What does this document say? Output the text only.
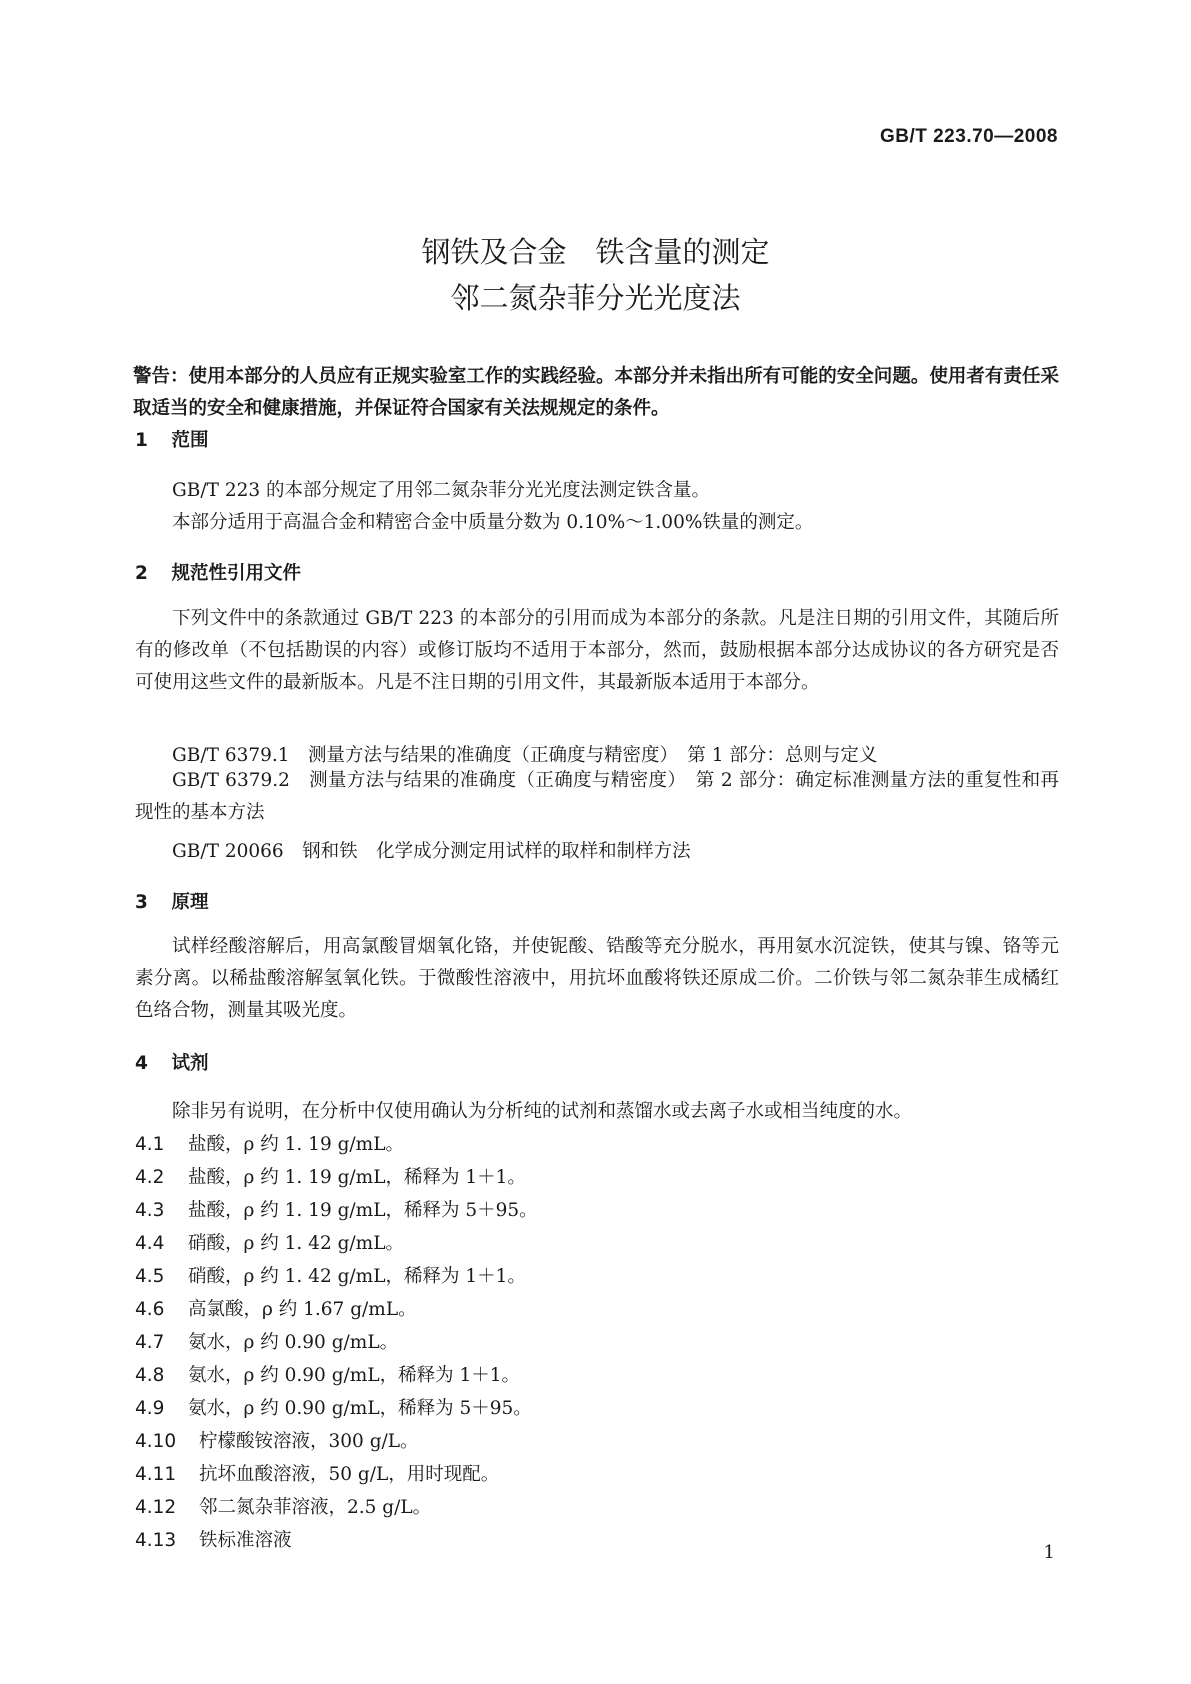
GB/T 223.70—2008
钢铁及合金　铁含量的测定
邻二氮杂菲分光光度法
警告：使用本部分的人员应有正规实验室工作的实践经验。本部分并未指出所有可能的安全问题。使用者有责任采取适当的安全和健康措施，并保证符合国家有关法规规定的条件。
1 范围
GB/T 223 的本部分规定了用邻二氮杂菲分光光度法测定铁含量。
本部分适用于高温合金和精密合金中质量分数为 0.10%～1.00%铁量的测定。
2 规范性引用文件
下列文件中的条款通过 GB/T 223 的本部分的引用而成为本部分的条款。凡是注日期的引用文件，其随后所有的修改单（不包括勘误的内容）或修订版均不适用于本部分，然而，鼓励根据本部分达成协议的各方研究是否可使用这些文件的最新版本。凡是不注日期的引用文件，其最新版本适用于本部分。
GB/T 6379.1　测量方法与结果的准确度（正确度与精密度）　第 1 部分：总则与定义
GB/T 6379.2　测量方法与结果的准确度（正确度与精密度）　第 2 部分：确定标准测量方法的重复性和再现性的基本方法
GB/T 20066　钢和铁　化学成分测定用试样的取样和制样方法
3 原理
试样经酸溶解后，用高氯酸冒烟氧化铬，并使铌酸、锆酸等充分脱水，再用氨水沉淀铁，使其与镍、铬等元素分离。以稀盐酸溶解氢氧化铁。于微酸性溶液中，用抗坏血酸将铁还原成二价。二价铁与邻二氮杂菲生成橘红色络合物，测量其吸光度。
4 试剂
除非另有说明，在分析中仅使用确认为分析纯的试剂和蒸馏水或去离子水或相当纯度的水。
4.1 盐酸，ρ 约 1. 19 g/mL。
4.2 盐酸，ρ 约 1. 19 g/mL，稀释为 1＋1。
4.3 盐酸，ρ 约 1. 19 g/mL，稀释为 5＋95。
4.4 硝酸，ρ 约 1. 42 g/mL。
4.5 硝酸，ρ 约 1. 42 g/mL，稀释为 1＋1。
4.6 高氯酸，ρ 约 1.67 g/mL。
4.7 氨水，ρ 约 0.90 g/mL。
4.8 氨水，ρ 约 0.90 g/mL，稀释为 1＋1。
4.9 氨水，ρ 约 0.90 g/mL，稀释为 5＋95。
4.10 柠檬酸铵溶液，300 g/L。
4.11 抗坏血酸溶液，50 g/L，用时现配。
4.12 邻二氮杂菲溶液，2.5 g/L。
4.13 铁标准溶液
1
